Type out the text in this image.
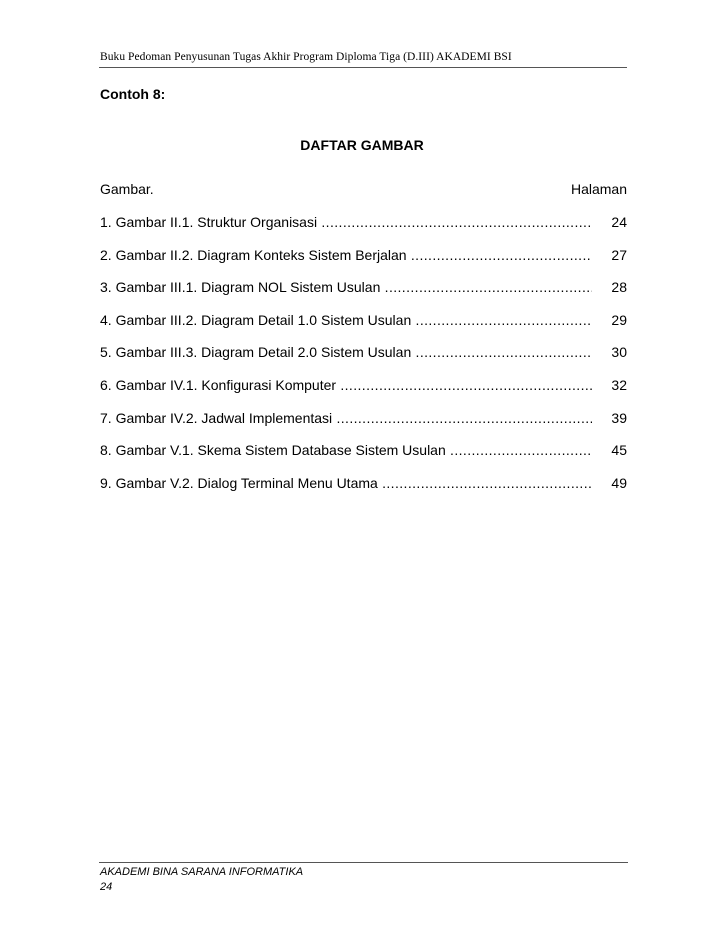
Buku Pedoman Penyusunan Tugas Akhir Program Diploma Tiga (D.III) AKADEMI BSI
Contoh 8:
DAFTAR GAMBAR
Gambar.	Halaman
1. Gambar II.1. Struktur Organisasi .....	24
2. Gambar II.2. Diagram Konteks Sistem Berjalan .....	27
3. Gambar III.1. Diagram NOL Sistem Usulan .....	28
4. Gambar III.2. Diagram Detail 1.0 Sistem Usulan .....	29
5. Gambar III.3. Diagram Detail 2.0 Sistem Usulan .....	30
6. Gambar IV.1. Konfigurasi Komputer .....	32
7. Gambar IV.2. Jadwal Implementasi .....	39
8. Gambar V.1. Skema Sistem Database Sistem Usulan .....	45
9. Gambar V.2. Dialog Terminal Menu Utama .....	49
AKADEMI BINA SARANA INFORMATIKA
24
